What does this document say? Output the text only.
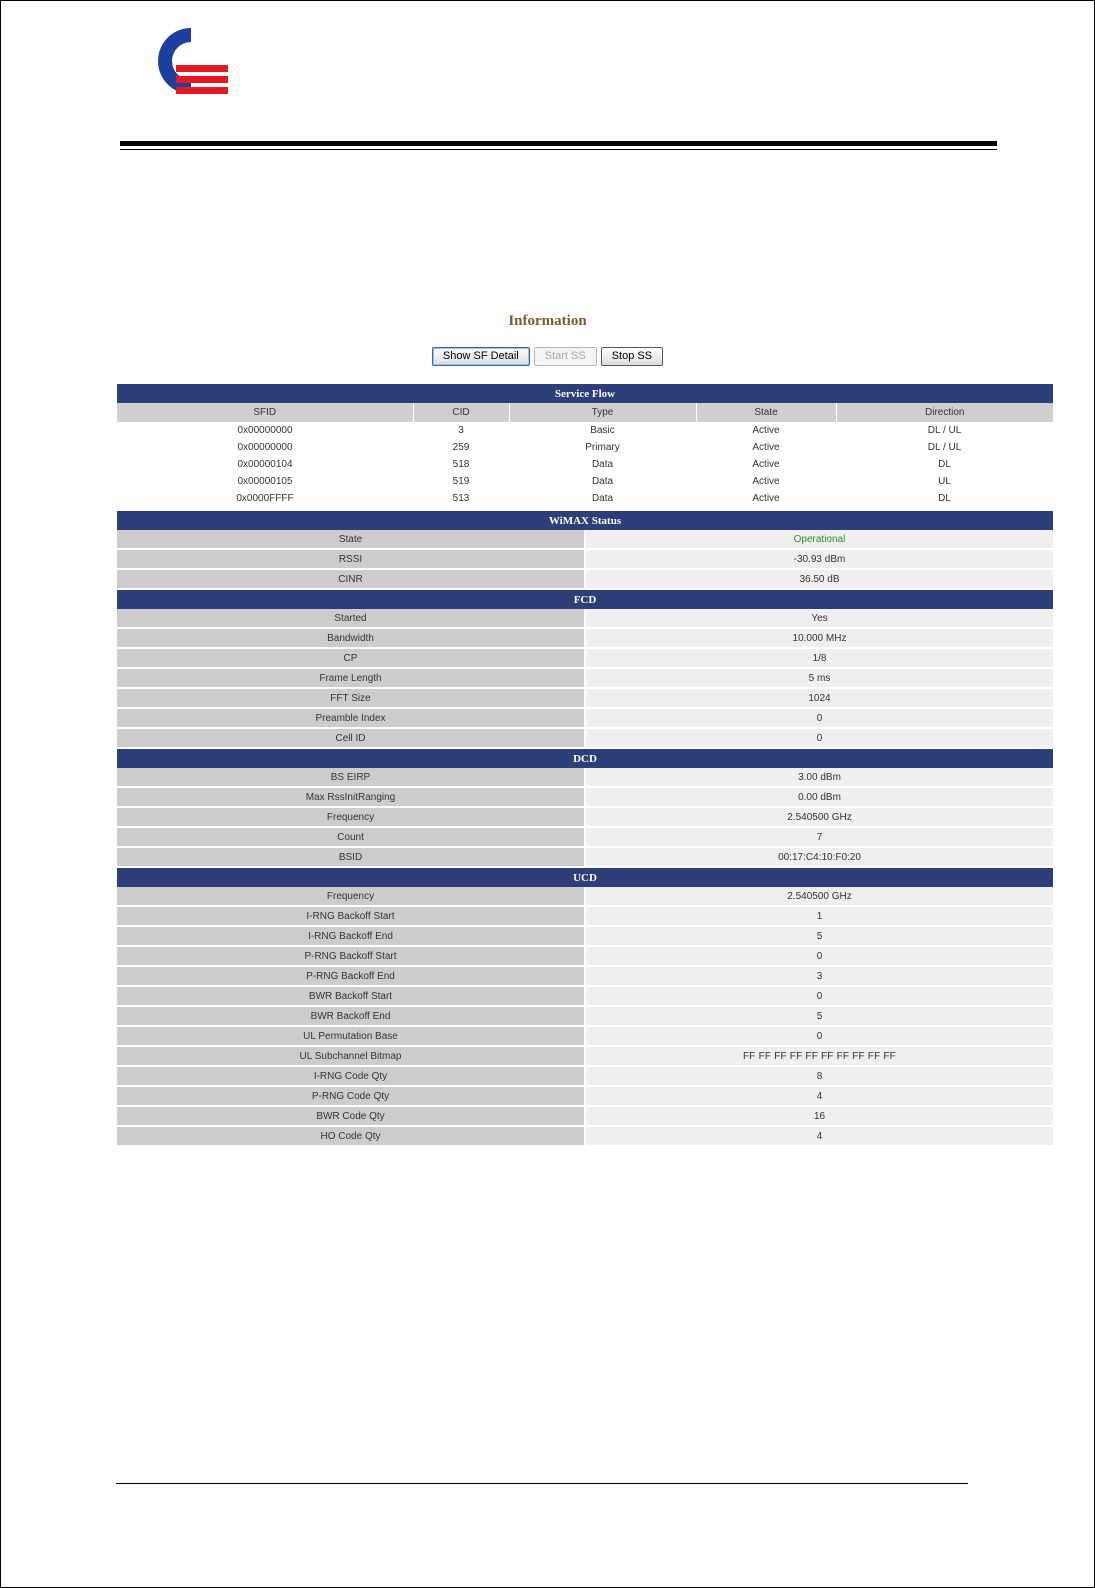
Information
Show SF Detail Start SS Stop SS
Service Flow				
SFID	CID	Type	State	Direction
0x00000000	3	Basic	Active	DL / UL
0x00000000	259	Primary	Active	DL / UL
0x00000104	518	Data	Active	DL
0x00000105	519	Data	Active	UL
0x0000FFFF	513	Data	Active	DL
WiMAX Status	
State	Operational
RSSI	-30.93 dBm
CINR	36.50 dB
FCD	
Started	Yes
Bandwidth	10.000 MHz
CP	1/8
Frame Length	5 ms
FFT Size	1024
Preamble Index	0
Cell ID	0
DCD	
BS EIRP	3.00 dBm
Max RssInitRanging	0.00 dBm
Frequency	2.540500 GHz
Count	7
BSID	00:17:C4:10:F0:20
UCD	
Frequency	2.540500 GHz
I-RNG Backoff Start	1
I-RNG Backoff End	5
P-RNG Backoff Start	0
P-RNG Backoff End	3
BWR Backoff Start	0
BWR Backoff End	5
UL Permutation Base	0
UL Subchannel Bitmap	FF FF FF FF FF FF FF FF FF FF
I-RNG Code Qty	8
P-RNG Code Qty	4
BWR Code Qty	16
HO Code Qty	4
